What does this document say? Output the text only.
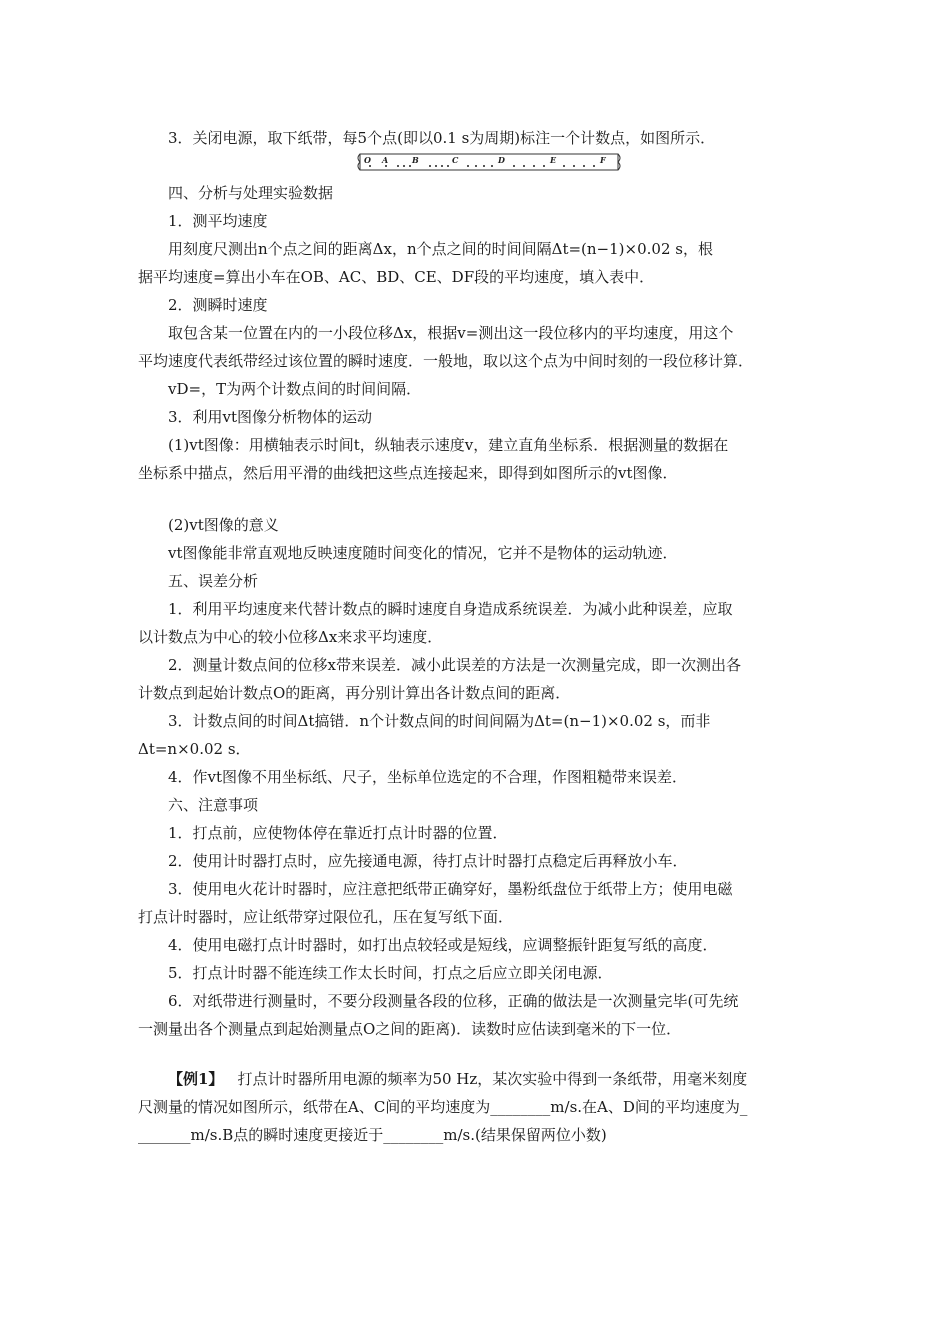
3．关闭电源，取下纸带，每5个点(即以0.1 s为周期)标注一个计数点，如图所示．
O A	B	C	D	E	F
四、分析与处理实验数据
1．测平均速度
用刻度尺测出n个点之间的距离Δx，n个点之间的时间间隔Δt=(n−1)×0.02 s，根
据平均速度=算出小车在OB、AC、BD、CE、DF段的平均速度，填入表中．
2．测瞬时速度
取包含某一位置在内的一小段位移Δx，根据v=测出这一段位移内的平均速度，用这个
平均速度代表纸带经过该位置的瞬时速度．一般地，取以这个点为中间时刻的一段位移计算．
vD=，T为两个计数点间的时间间隔．
3．利用vt图像分析物体的运动
(1)vt图像：用横轴表示时间t，纵轴表示速度v，建立直角坐标系．根据测量的数据在
坐标系中描点，然后用平滑的曲线把这些点连接起来，即得到如图所示的vt图像．
(2)vt图像的意义
vt图像能非常直观地反映速度随时间变化的情况，它并不是物体的运动轨迹．
五、误差分析
1．利用平均速度来代替计数点的瞬时速度自身造成系统误差．为减小此种误差，应取
以计数点为中心的较小位移Δx来求平均速度．
2．测量计数点间的位移x带来误差．减小此误差的方法是一次测量完成，即一次测出各
计数点到起始计数点O的距离，再分别计算出各计数点间的距离．
3．计数点间的时间Δt搞错．n个计数点间的时间间隔为Δt=(n−1)×0.02 s，而非
Δt=n×0.02 s．
4．作vt图像不用坐标纸、尺子，坐标单位选定的不合理，作图粗糙带来误差．
六、注意事项
1．打点前，应使物体停在靠近打点计时器的位置．
2．使用计时器打点时，应先接通电源，待打点计时器打点稳定后再释放小车．
3．使用电火花计时器时，应注意把纸带正确穿好，墨粉纸盘位于纸带上方；使用电磁
打点计时器时，应让纸带穿过限位孔，压在复写纸下面．
4．使用电磁打点计时器时，如打出点较轻或是短线，应调整振针距复写纸的高度．
5．打点计时器不能连续工作太长时间，打点之后应立即关闭电源．
6．对纸带进行测量时，不要分段测量各段的位移，正确的做法是一次测量完毕(可先统
一测量出各个测量点到起始测量点O之间的距离)．读数时应估读到毫米的下一位．
【例1】 打点计时器所用电源的频率为50 Hz，某次实验中得到一条纸带，用毫米刻度
尺测量的情况如图所示，纸带在A、C间的平均速度为________m/s.在A、D间的平均速度为_
_______m/s.B点的瞬时速度更接近于________m/s.(结果保留两位小数)
